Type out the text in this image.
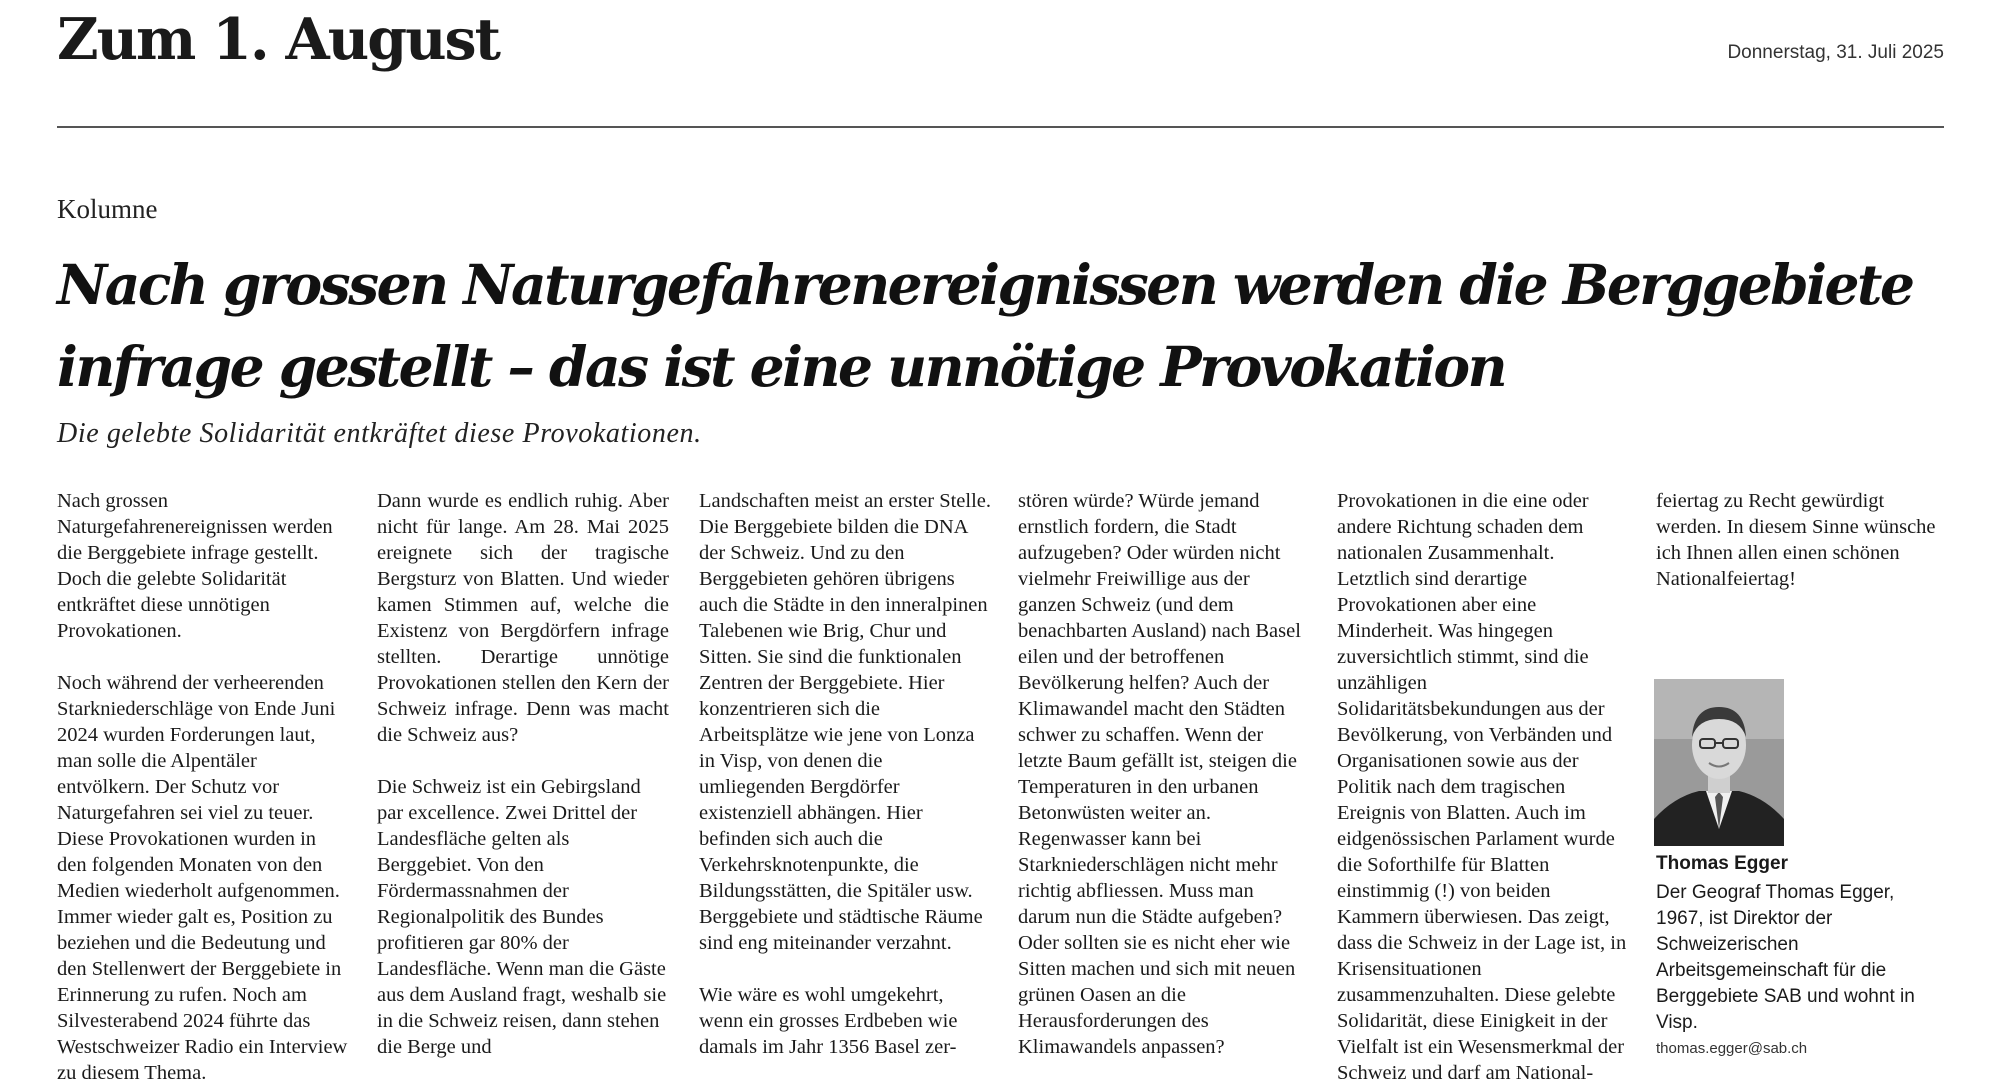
Zum 1. August	Donnerstag, 31. Juli 2025
Kolumne
Nach grossen Naturgefahrenereignissen werden die Berggebiete
infrage gestellt – das ist eine unnötige Provokation
Die gelebte Solidarität entkräftet diese Provokationen.

Nach grossen Naturgefahrenereignissen werden die Berggebiete infrage gestellt. Doch die gelebte Solidarität entkräftet diese unnötigen Provokationen.

Noch während der verheerenden Starkniederschläge von Ende Juni 2024 wurden Forderungen laut, man solle die Alpentäler entvölkern. Der Schutz vor Naturgefahren sei viel zu teuer. Diese Provokationen wurden in den folgenden Monaten von den Medien wiederholt aufgenommen. Immer wieder galt es, Position zu beziehen und die Bedeutung und den Stellenwert der Berggebiete in Erinnerung zu rufen. Noch am Silvesterabend 2024 führte das Westschweizer Radio ein Interview zu diesem Thema.

Dann wurde es endlich ruhig. Aber nicht für lange. Am 28. Mai 2025 ereignete sich der tragische Bergsturz von Blatten. Und wieder kamen Stimmen auf, welche die Existenz von Bergdörfern infrage stellten. Derartige unnötige Provokationen stellen den Kern der Schweiz infrage. Denn was macht die Schweiz aus?

Die Schweiz ist ein Gebirgsland par excellence. Zwei Drittel der Landesfläche gelten als Berggebiet. Von den Fördermassnahmen der Regionalpolitik des Bundes profitieren gar 80% der Landesfläche. Wenn man die Gäste aus dem Ausland fragt, weshalb sie in die Schweiz reisen, dann stehen die Berge und

Landschaften meist an erster Stelle. Die Berggebiete bilden die DNA der Schweiz. Und zu den Berggebieten gehören übrigens auch die Städte in den inneralpinen Talebenen wie Brig, Chur und Sitten. Sie sind die funktionalen Zentren der Berggebiete. Hier konzentrieren sich die Arbeitsplätze wie jene von Lonza in Visp, von denen die umliegenden Bergdörfer existenziell abhängen. Hier befinden sich auch die Verkehrsknotenpunkte, die Bildungsstätten, die Spitäler usw. Berggebiete und städtische Räume sind eng miteinander verzahnt.

Wie wäre es wohl umgekehrt, wenn ein grosses Erdbeben wie damals im Jahr 1356 Basel zer-

stören würde? Würde jemand ernstlich fordern, die Stadt aufzugeben? Oder würden nicht vielmehr Freiwillige aus der ganzen Schweiz (und dem benachbarten Ausland) nach Basel eilen und der betroffenen Bevölkerung helfen? Auch der Klimawandel macht den Städten schwer zu schaffen. Wenn der letzte Baum gefällt ist, steigen die Temperaturen in den urbanen Betonwüsten weiter an. Regenwasser kann bei Starkniederschlägen nicht mehr richtig abfliessen. Muss man darum nun die Städte aufgeben? Oder sollten sie es nicht eher wie Sitten machen und sich mit neuen grünen Oasen an die Herausforderungen des Klimawandels anpassen?

Provokationen in die eine oder andere Richtung schaden dem nationalen Zusammenhalt. Letztlich sind derartige Provokationen aber eine Minderheit. Was hingegen zuversichtlich stimmt, sind die unzähligen Solidaritätsbekundungen aus der Bevölkerung, von Verbänden und Organisationen sowie aus der Politik nach dem tragischen Ereignis von Blatten. Auch im eidgenössischen Parlament wurde die Soforthilfe für Blatten einstimmig (!) von beiden Kammern überwiesen. Das zeigt, dass die Schweiz in der Lage ist, in Krisensituationen zusammenzuhalten. Diese gelebte Solidarität, diese Einigkeit in der Vielfalt ist ein Wesensmerkmal der Schweiz und darf am National-

feiertag zu Recht gewürdigt werden. In diesem Sinne wünsche ich Ihnen allen einen schönen Nationalfeiertag!

Thomas Egger

Der Geograf Thomas Egger, 1967, ist Direktor der Schweizerischen Arbeitsgemeinschaft für die Berggebiete SAB und wohnt in Visp.

thomas.egger@sab.ch
